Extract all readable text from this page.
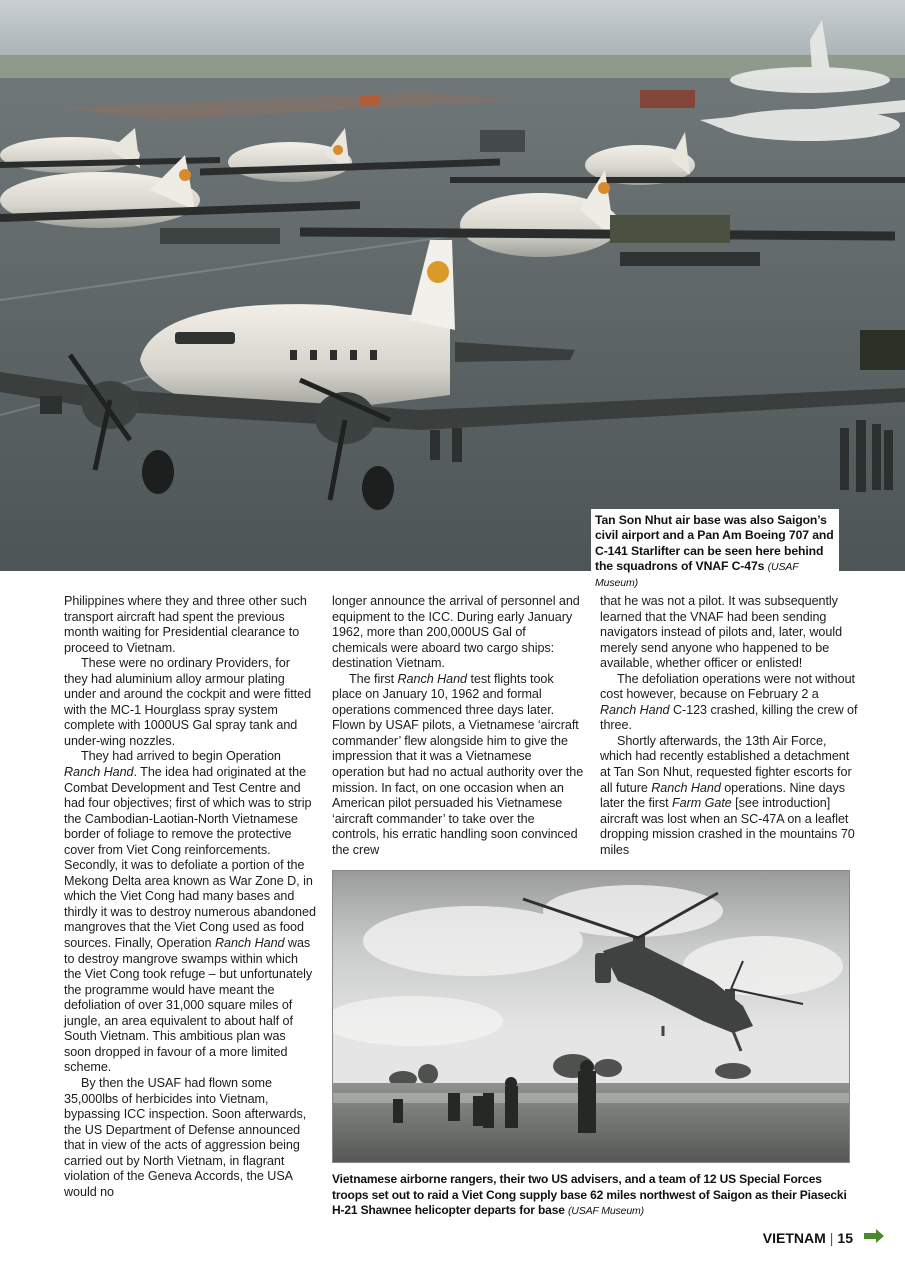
Tan Son Nhut air base was also Saigon’s civil airport and a Pan Am Boeing 707 and C-141 Starlifter can be seen here behind the squadrons of VNAF C-47s (USAF Museum)

Philippines where they and three other such transport aircraft had spent the previous month waiting for Presidential clearance to proceed to Vietnam.

These were no ordinary Providers, for they had aluminium alloy armour plating under and around the cockpit and were fitted with the MC-1 Hourglass spray system complete with 1000US Gal spray tank and under-wing nozzles.

They had arrived to begin Operation Ranch Hand. The idea had originated at the Combat Development and Test Centre and had four objectives; first of which was to strip the Cambodian-Laotian-North Vietnamese border of foliage to remove the protective cover from Viet Cong reinforcements. Secondly, it was to defoliate a portion of the Mekong Delta area known as War Zone D, in which the Viet Cong had many bases and thirdly it was to destroy numerous abandoned mangroves that the Viet Cong used as food sources. Finally, Operation Ranch Hand was to destroy mangrove swamps within which the Viet Cong took refuge – but unfortunately the programme would have meant the defoliation of over 31,000 square miles of jungle, an area equivalent to about half of South Vietnam. This ambitious plan was soon dropped in favour of a more limited scheme.

By then the USAF had flown some 35,000lbs of herbicides into Vietnam, bypassing ICC inspection. Soon afterwards, the US Department of Defense announced that in view of the acts of aggression being carried out by North Vietnam, in flagrant violation of the Geneva Accords, the USA would no

longer announce the arrival of personnel and equipment to the ICC. During early January 1962, more than 200,000US Gal of chemicals were aboard two cargo ships: destination Vietnam.

The first Ranch Hand test flights took place on January 10, 1962 and formal operations commenced three days later. Flown by USAF pilots, a Vietnamese ‘aircraft commander’ flew alongside him to give the impression that it was a Vietnamese operation but had no actual authority over the mission. In fact, on one occasion when an American pilot persuaded his Vietnamese ‘aircraft commander’ to take over the controls, his erratic handling soon convinced the crew

that he was not a pilot. It was subsequently learned that the VNAF had been sending navigators instead of pilots and, later, would merely send anyone who happened to be available, whether officer or enlisted!

The defoliation operations were not without cost however, because on February 2 a Ranch Hand C-123 crashed, killing the crew of three.

Shortly afterwards, the 13th Air Force, which had recently established a detachment at Tan Son Nhut, requested fighter escorts for all future Ranch Hand operations. Nine days later the first Farm Gate [see introduction] aircraft was lost when an SC-47A on a leaflet dropping mission crashed in the mountains 70 miles

Vietnamese airborne rangers, their two US advisers, and a team of 12 US Special Forces troops set out to raid a Viet Cong supply base 62 miles northwest of Saigon as their Piasecki H-21 Shawnee helicopter departs for base (USAF Museum)
VIETNAM | 15
